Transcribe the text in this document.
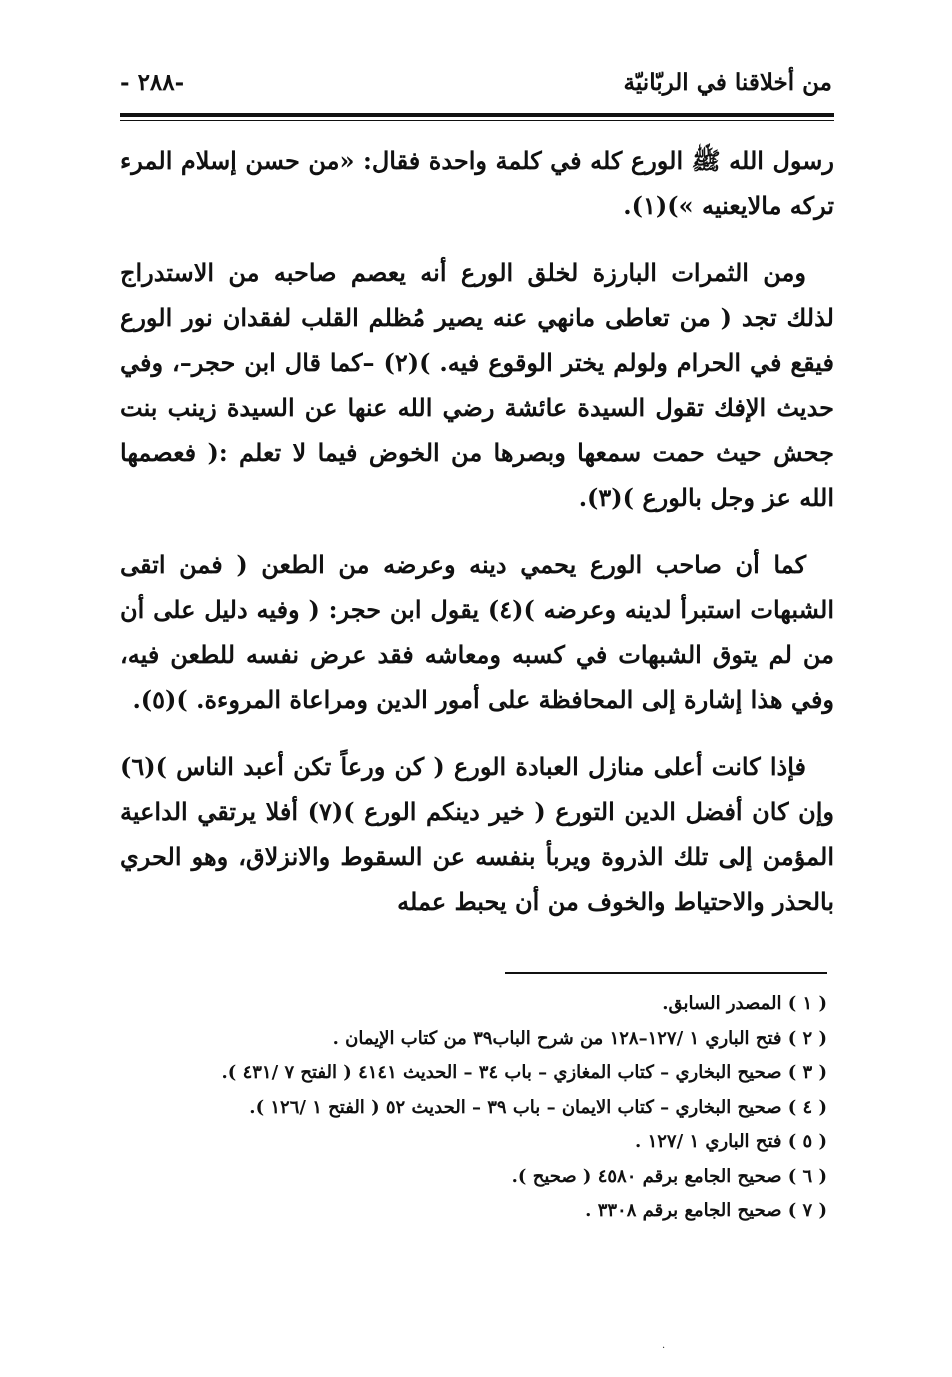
من أخلاقنا في الربّانيّة
-٢٨٨ -

رسول الله ﷺ الورع كله في كلمة واحدة فقال: «من حسن إسلام المرء تركه مالايعنيه »)(١).

ومن الثمرات البارزة لخلق الورع أنه يعصم صاحبه من الاستدراج لذلك تجد ( من تعاطى مانهي عنه يصير مُظلم القلب لفقدان نور الورع فيقع في الحرام ولولم يختر الوقوع فيه. )(٢) –كما قال ابن حجر–، وفي حديث الإفك تقول السيدة عائشة رضي الله عنها عن السيدة زينب بنت جحش حيث حمت سمعها وبصرها من الخوض فيما لا تعلم :( فعصمها الله عز وجل بالورع )(٣).

كما أن صاحب الورع يحمي دينه وعرضه من الطعن ( فمن اتقى الشبهات استبرأ لدينه وعرضه )(٤) يقول ابن حجر: ( وفيه دليل على أن من لم يتوق الشبهات في كسبه ومعاشه فقد عرض نفسه للطعن فيه، وفي هذا إشارة إلى المحافظة على أمور الدين ومراعاة المروءة. )(٥).

فإذا كانت أعلى منازل العبادة الورع ( كن ورعاً تكن أعبد الناس )(٦) وإن كان أفضل الدين التورع ( خير دينكم الورع )(٧) أفلا يرتقي الداعية المؤمن إلى تلك الذروة ويربأ بنفسه عن السقوط والانزلاق، وهو الحري بالحذر والاحتياط والخوف من أن يحبط عمله

( ١ ) المصدر السابق.
( ٢ ) فتح الباري ١ /١٢٧–١٢٨ من شرح الباب٣٩ من كتاب الإيمان .
( ٣ ) صحيح البخاري – كتاب المغازي – باب ٣٤ – الحديث ٤١٤١ ( الفتح ٧ /٤٣١ ).
( ٤ ) صحيح البخاري – كتاب الايمان – باب ٣٩ – الحديث ٥٢ ( الفتح ١ /١٢٦ ).
( ٥ ) فتح الباري ١ /١٢٧ .
( ٦ ) صحيح الجامع برقم ٤٥٨٠ ( صحيح ).
( ٧ ) صحيح الجامع برقم ٣٣٠٨ .
·
